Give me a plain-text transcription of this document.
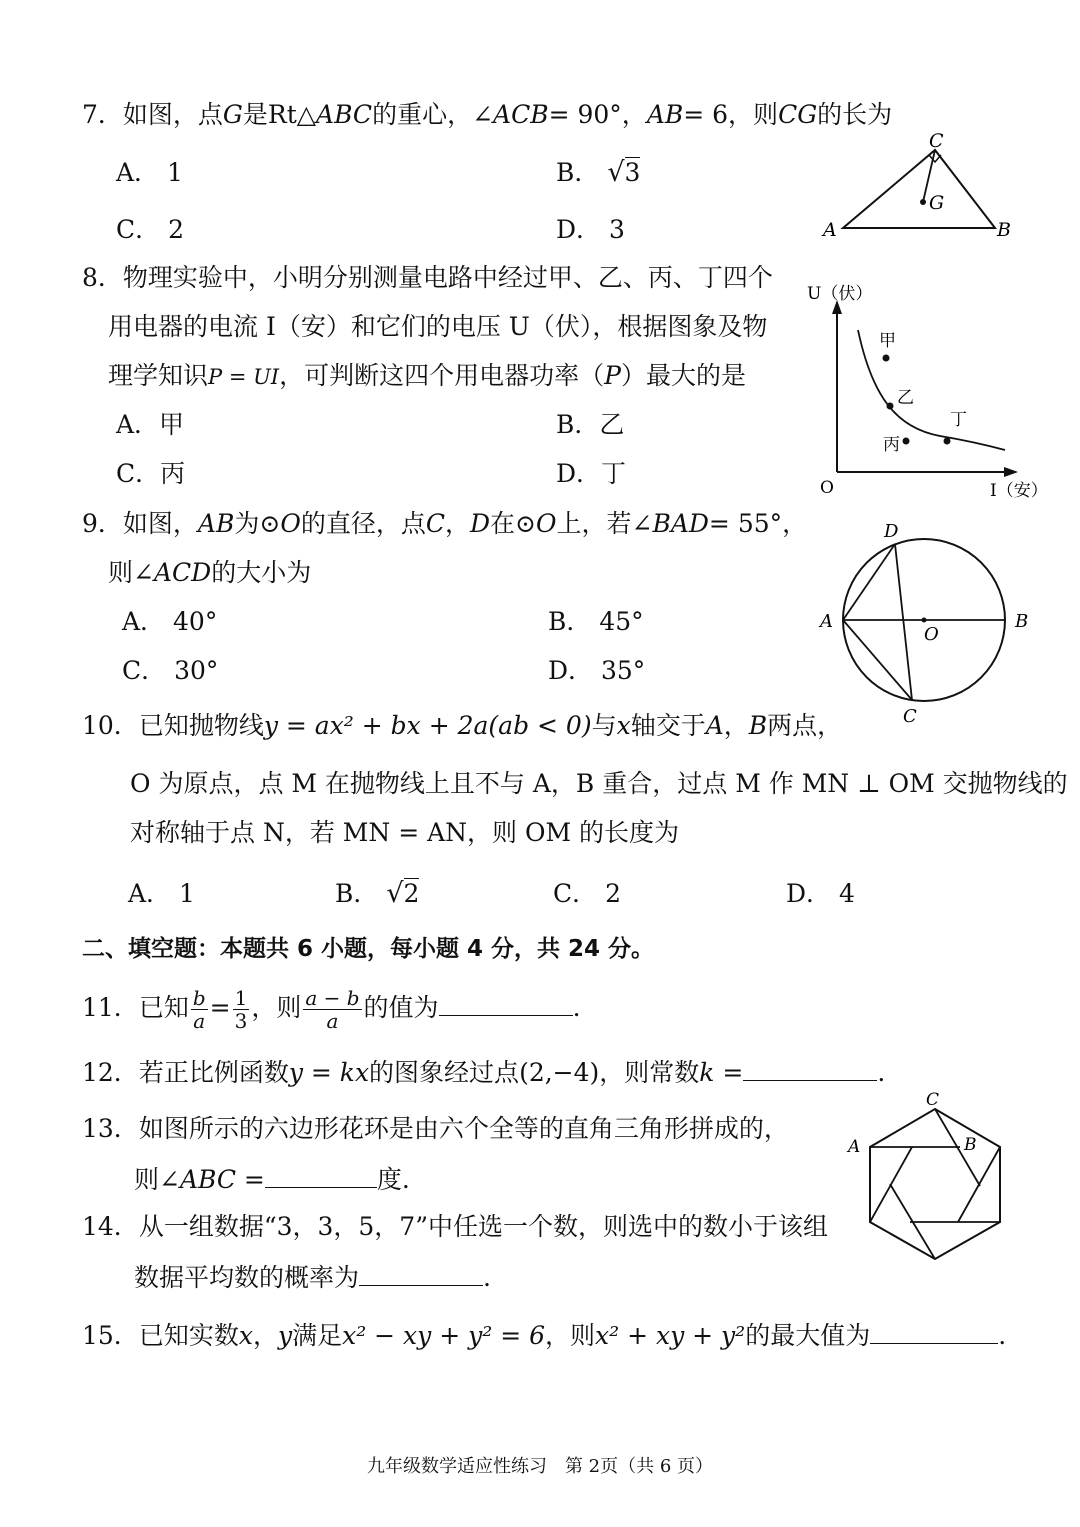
7．如图，点G是Rt△ABC的重心，∠ACB= 90°，AB= 6，则CG的长为
A． 1	B． √3
C． 2	D． 3	A	B
C
G
8．物理实验中，小明分别测量电路中经过甲、乙、丙、丁四个
用电器的电流 I（安）和它们的电压 U（伏），根据图象及物
理学知识P = UI，可判断这四个用电器功率（P）最大的是
A．甲	B．乙
C．丙	D．丁
甲
乙
丙
丁
U（伏）
I（安）
O
9．如图，AB为⊙O的直径，点C，D在⊙O上，若∠BAD= 55°，
则∠ACD的大小为
A． 40°	B． 45°
C． 30°	D． 35°
A	B
C
D
O
10．已知抛物线y = ax² + bx + 2a(ab < 0)与x轴交于A，B两点，
O 为原点，点 M 在抛物线上且不与 A，B 重合，过点 M 作 MN ⊥ OM 交抛物线的
对称轴于点 N，若 MN = AN，则 OM 的长度为
A． 1	B． √2	C． 2	D． 4
二、填空题：本题共 6 小题，每小题 4 分，共 24 分。
11．已知 $\frac{b}{a} = \frac{1}{3}$ ，则 $\frac{a - b}{a}$ 的值为	.
12．若正比例函数y = kx的图象经过点(2,−4)，则常数k =	.
13．如图所示的六边形花环是由六个全等的直角三角形拼成的，
则∠ABC =	度.
A	B
C
14．从一组数据“3，3，5，7”中任选一个数，则选中的数小于该组
数据平均数的概率为	.
15．已知实数x，y满足x² − xy + y² = 6，则x² + xy + y²的最大值为	.
九年级数学适应性练习　第 2页（共 6 页）
